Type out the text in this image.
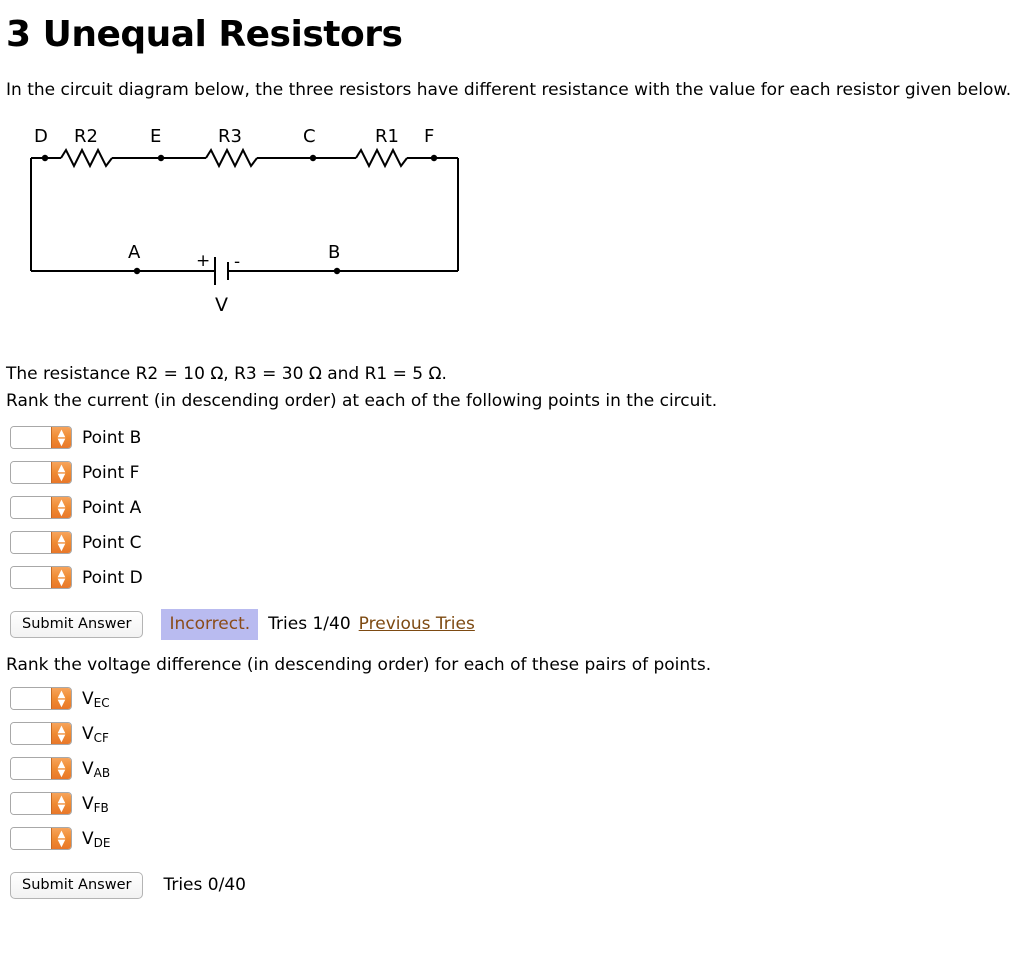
3 Unequal Resistors

In the circuit diagram below, the three resistors have different resistance with the value for each resistor given below.

D R2	E	R3	C	R1 F
A	B
+ -
V

The resistance R2 = 10 Ω, R3 = 30 Ω and R1 = 5 Ω.

Rank the current (in descending order) at each of the following points in the circuit.

▲
▼ Point B
▲
▼ Point F
▲
▼ Point A
▲
▼ Point C
▲
▼ Point D
Submit Answer	Incorrect.	Tries 1/40 Previous Tries

Rank the voltage difference (in descending order) for each of these pairs of points.

▲
▼ $V_{EC}$
▲
▼ $V_{CF}$
▲
▼ $V_{AB}$
▲
▼ $V_{FB}$
▲
▼ $V_{DE}$
Submit Answer	Tries 0/40
